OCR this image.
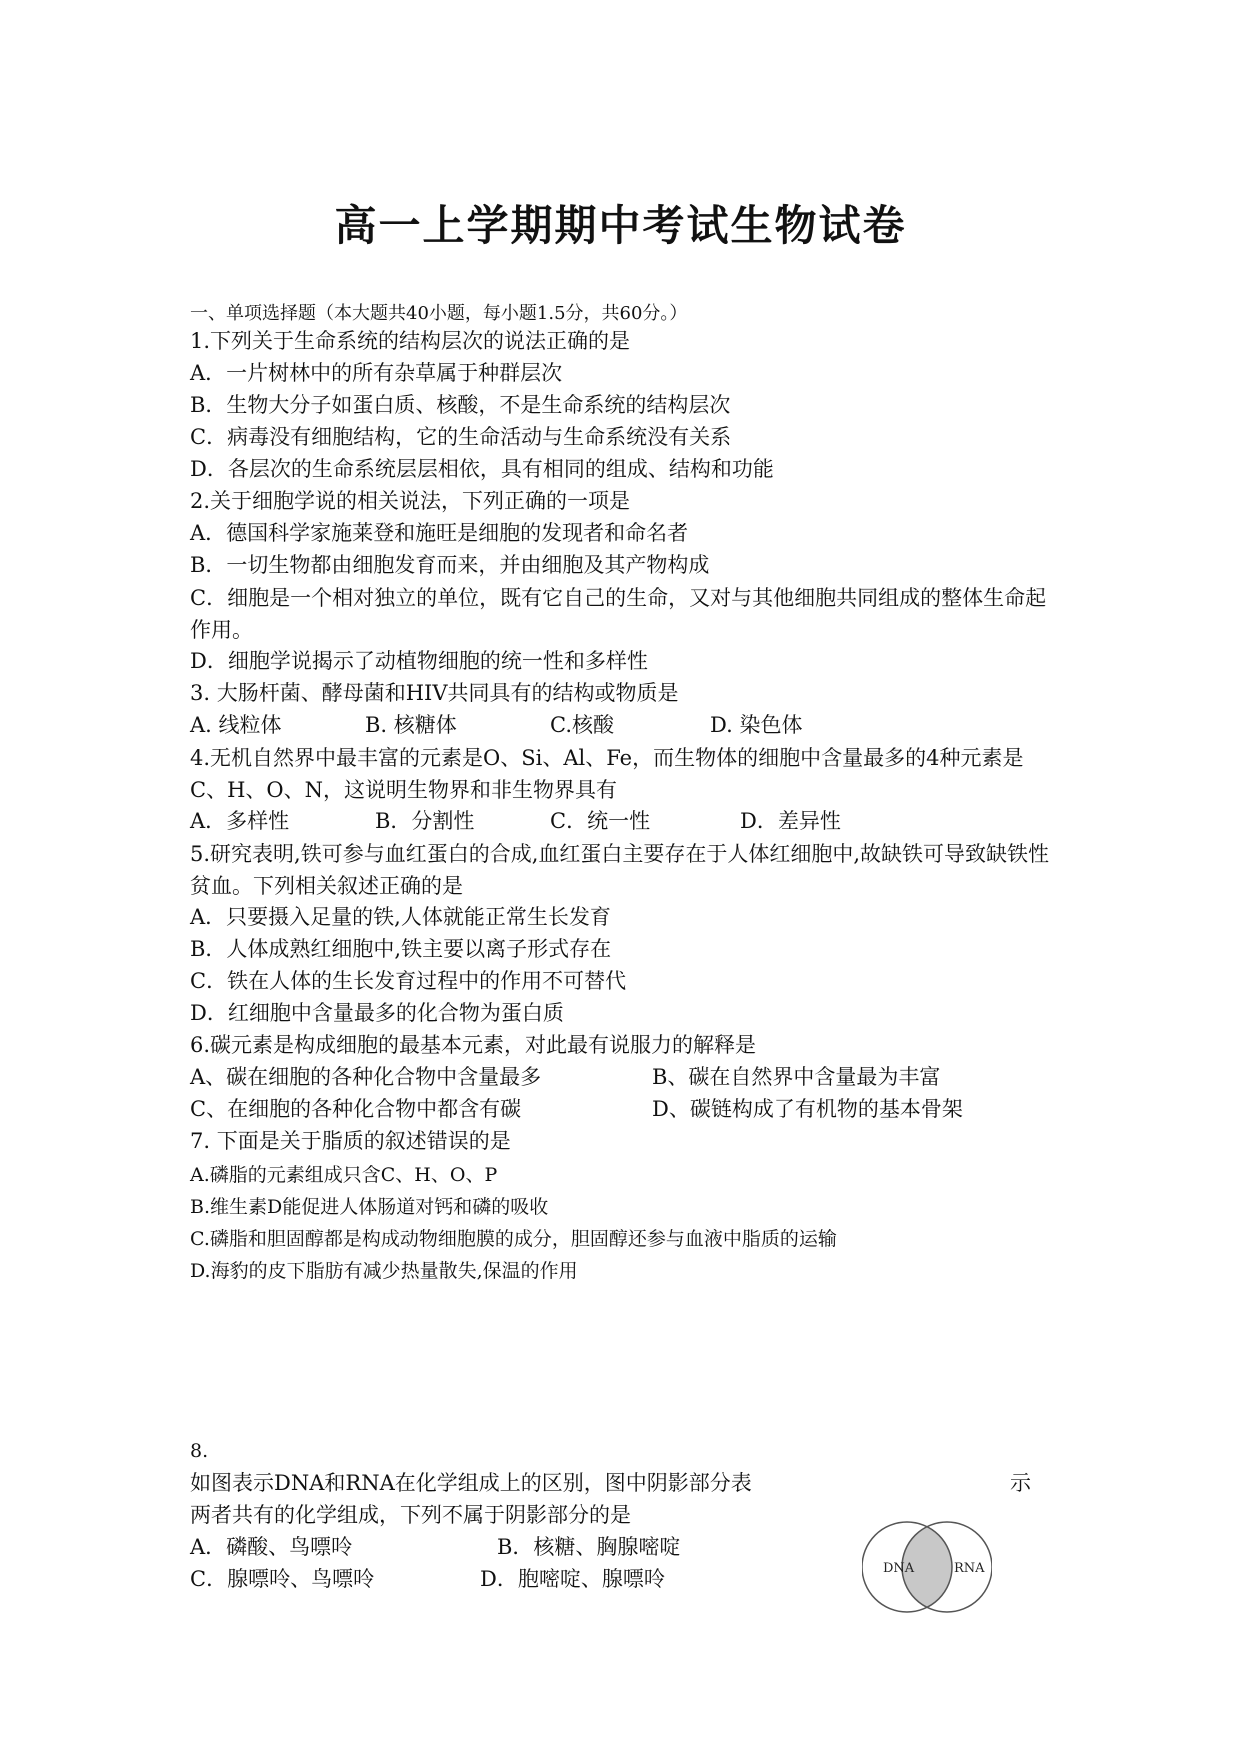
高一上学期期中考试生物试卷
一、单项选择题（本大题共40小题，每小题1.5分，共60分。）
1.下列关于生命系统的结构层次的说法正确的是
A．一片树林中的所有杂草属于种群层次
B．生物大分子如蛋白质、核酸，不是生命系统的结构层次
C．病毒没有细胞结构，它的生命活动与生命系统没有关系
D．各层次的生命系统层层相依，具有相同的组成、结构和功能
2.关于细胞学说的相关说法，下列正确的一项是
A．德国科学家施莱登和施旺是细胞的发现者和命名者
B．一切生物都由细胞发育而来，并由细胞及其产物构成
C．细胞是一个相对独立的单位，既有它自己的生命，又对与其他细胞共同组成的整体生命起作用。
D．细胞学说揭示了动植物细胞的统一性和多样性
3. 大肠杆菌、酵母菌和HIV共同具有的结构或物质是
A. 线粒体	B. 核糖体	C.核酸	D. 染色体
4.无机自然界中最丰富的元素是O、Si、Al、Fe，而生物体的细胞中含量最多的4种元素是C、H、O、N，这说明生物界和非生物界具有
A．多样性	B．分割性	C．统一性	D．差异性
5.研究表明,铁可参与血红蛋白的合成,血红蛋白主要存在于人体红细胞中,故缺铁可导致缺铁性贫血。下列相关叙述正确的是
A．只要摄入足量的铁,人体就能正常生长发育
B．人体成熟红细胞中,铁主要以离子形式存在
C．铁在人体的生长发育过程中的作用不可替代
D．红细胞中含量最多的化合物为蛋白质
6.碳元素是构成细胞的最基本元素，对此最有说服力的解释是
A、碳在细胞的各种化合物中含量最多	B、碳在自然界中含量最为丰富
C、在细胞的各种化合物中都含有碳	D、碳链构成了有机物的基本骨架
7. 下面是关于脂质的叙述错误的是
A.磷脂的元素组成只含C、H、O、P
B.维生素D能促进人体肠道对钙和磷的吸收
C.磷脂和胆固醇都是构成动物细胞膜的成分，胆固醇还参与血液中脂质的运输
D.海豹的皮下脂肪有减少热量散失,保温的作用
8.
如图表示DNA和RNA在化学组成上的区别，图中阴影部分表	示
两者共有的化学组成，下列不属于阴影部分的是
A．磷酸、鸟嘌呤	B．核糖、胸腺嘧啶
C．腺嘌呤、鸟嘌呤	D．胞嘧啶、腺嘌呤	DNA	RNA
